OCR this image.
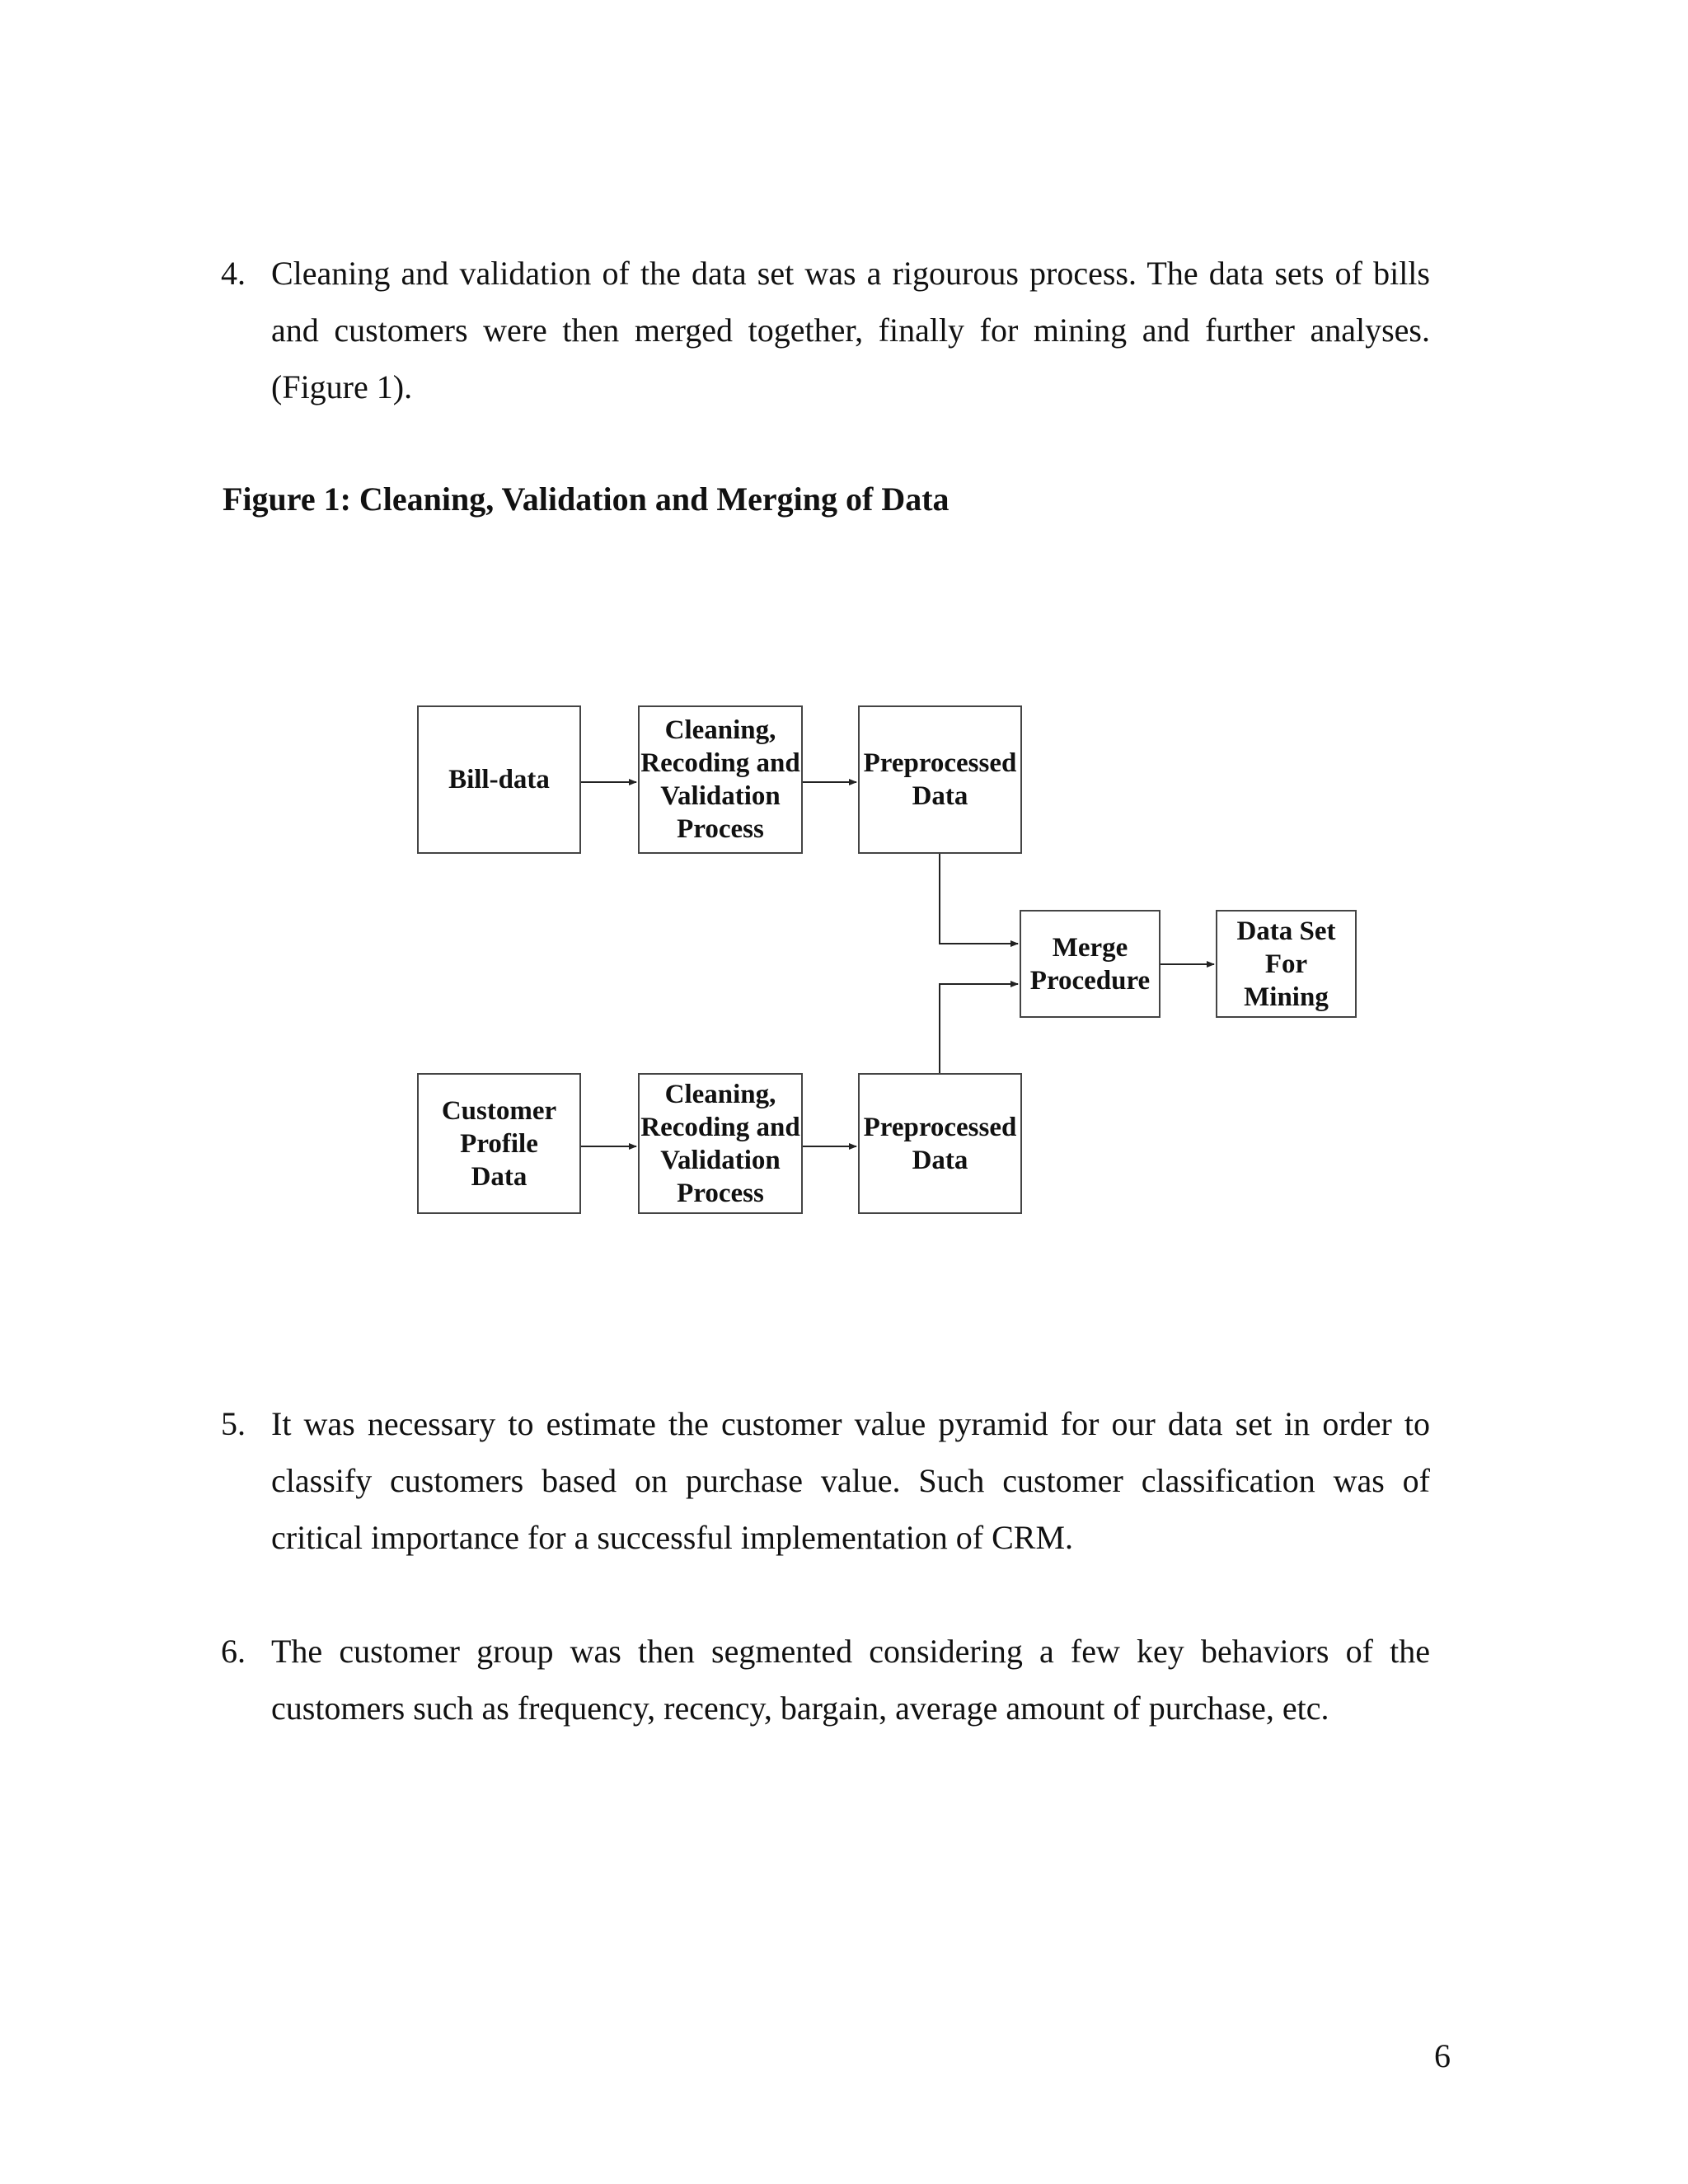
4. Cleaning and validation of the data set was a rigourous process. The data sets of bills and customers were then merged together, finally for mining and further analyses. (Figure 1).
Figure 1: Cleaning, Validation and Merging of Data
Bill-data
Cleaning,
Recoding and
Validation
Process
Preprocessed
Data
Merge
Procedure
Data Set
For
Mining
Customer
Profile
Data
Cleaning,
Recoding and
Validation
Process
Preprocessed
Data
5. It was necessary to estimate the customer value pyramid for our data set in order to classify customers based on purchase value. Such customer classification was of critical importance for a successful implementation of CRM.
6. The customer group was then segmented considering a few key behaviors of the customers such as frequency, recency, bargain, average amount of purchase, etc.
6
